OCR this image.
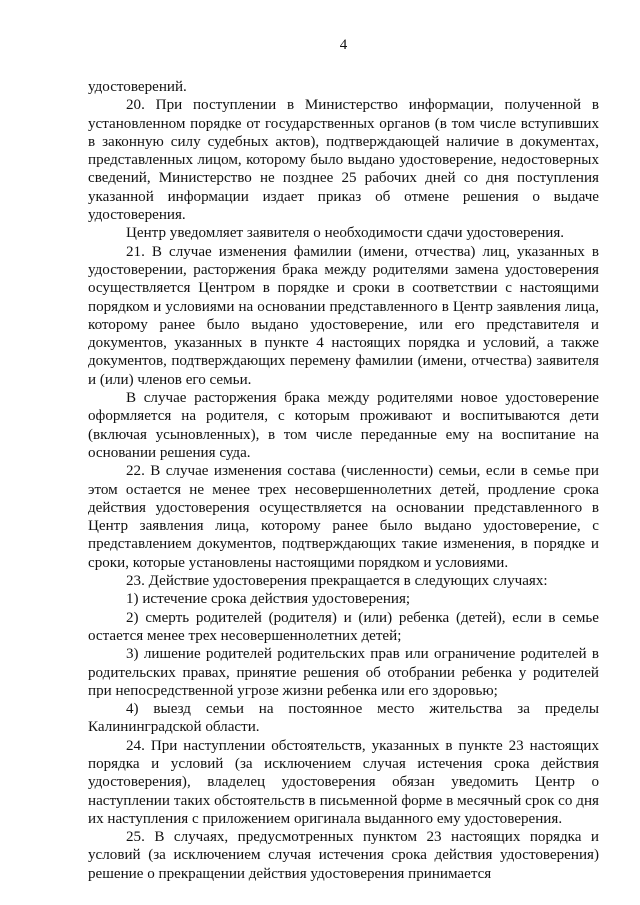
4

удостоверений.

20. При поступлении в Министерство информации, полученной в установленном порядке от государственных органов (в том числе вступивших в законную силу судебных актов), подтверждающей наличие в документах, представленных лицом, которому было выдано удостоверение, недостоверных сведений, Министерство не позднее 25 рабочих дней со дня поступления указанной информации издает приказ об отмене решения о выдаче удостоверения.

Центр уведомляет заявителя о необходимости сдачи удостоверения.

21. В случае изменения фамилии (имени, отчества) лиц, указанных в удостоверении, расторжения брака между родителями замена удостоверения осуществляется Центром в порядке и сроки в соответствии с настоящими порядком и условиями на основании представленного в Центр заявления лица, которому ранее было выдано удостоверение, или его представителя и документов, указанных в пункте 4 настоящих порядка и условий, а также документов, подтверждающих перемену фамилии (имени, отчества) заявителя и (или) членов его семьи.

В случае расторжения брака между родителями новое удостоверение оформляется на родителя, с которым проживают и воспитываются дети (включая усыновленных), в том числе переданные ему на воспитание на основании решения суда.

22. В случае изменения состава (численности) семьи, если в семье при этом остается не менее трех несовершеннолетних детей, продление срока действия удостоверения осуществляется на основании представленного в Центр заявления лица, которому ранее было выдано удостоверение, с представлением документов, подтверждающих такие изменения, в порядке и сроки, которые установлены настоящими порядком и условиями.

23. Действие удостоверения прекращается в следующих случаях:

1) истечение срока действия удостоверения;

2) смерть родителей (родителя) и (или) ребенка (детей), если в семье остается менее трех несовершеннолетних детей;

3) лишение родителей родительских прав или ограничение родителей в родительских правах, принятие решения об отобрании ребенка у родителей при непосредственной угрозе жизни ребенка или его здоровью;

4) выезд семьи на постоянное место жительства за пределы Калининградской области.

24. При наступлении обстоятельств, указанных в пункте 23 настоящих порядка и условий (за исключением случая истечения срока действия удостоверения), владелец удостоверения обязан уведомить Центр о наступлении таких обстоятельств в письменной форме в месячный срок со дня их наступления с приложением оригинала выданного ему удостоверения.

25. В случаях, предусмотренных пунктом 23 настоящих порядка и условий (за исключением случая истечения срока действия удостоверения) решение о прекращении действия удостоверения принимается
